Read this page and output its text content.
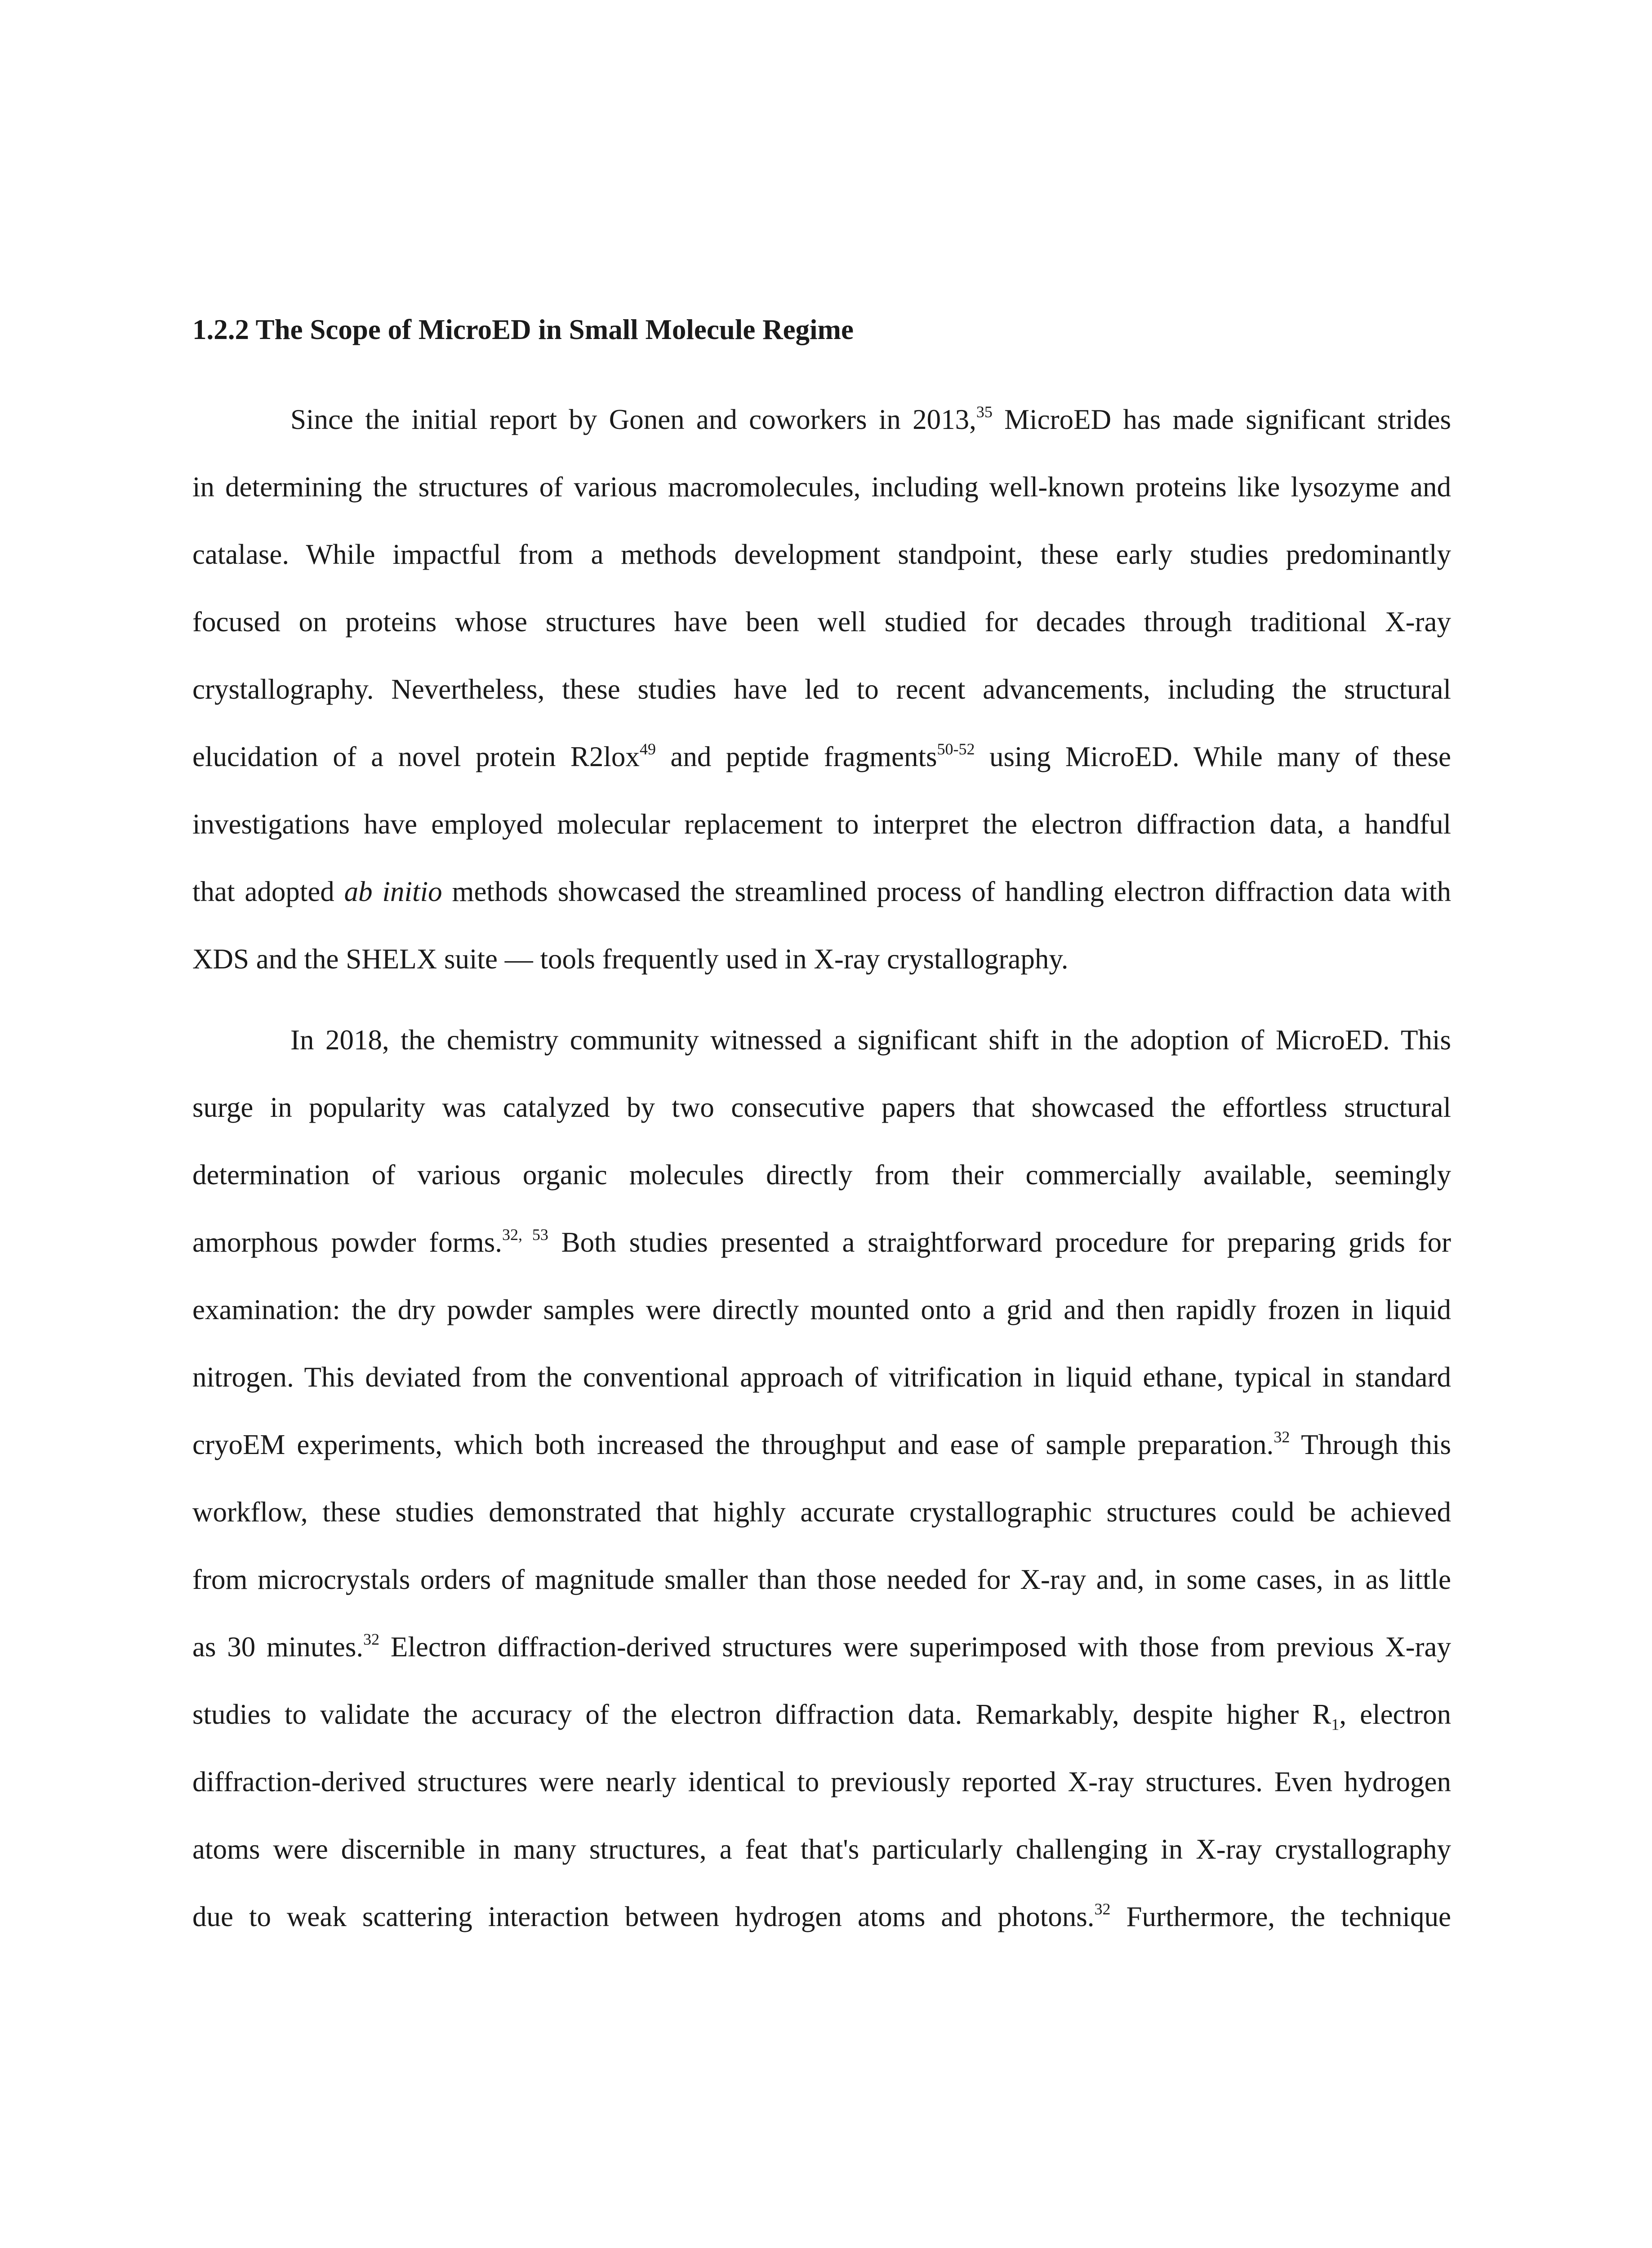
1.2.2 The Scope of MicroED in Small Molecule Regime
Since the initial report by Gonen and coworkers in 2013,35 MicroED has made significant strides
in determining the structures of various macromolecules, including well-known proteins like lysozyme and
catalase. While impactful from a methods development standpoint, these early studies predominantly
focused on proteins whose structures have been well studied for decades through traditional X-ray
crystallography. Nevertheless, these studies have led to recent advancements, including the structural
elucidation of a novel protein R2lox$^{49}$ and peptide fragments$^{50-52}$ using MicroED. While many of these
investigations have employed molecular replacement to interpret the electron diffraction data, a handful
that adopted ab initio methods showcased the streamlined process of handling electron diffraction data with
XDS and the SHELX suite — tools frequently used in X-ray crystallography.
In 2018, the chemistry community witnessed a significant shift in the adoption of MicroED. This
surge in popularity was catalyzed by two consecutive papers that showcased the effortless structural
determination of various organic molecules directly from their commercially available, seemingly
amorphous powder forms.$^{32, 53}$ Both studies presented a straightforward procedure for preparing grids for
examination: the dry powder samples were directly mounted onto a grid and then rapidly frozen in liquid
nitrogen. This deviated from the conventional approach of vitrification in liquid ethane, typical in standard
cryoEM experiments, which both increased the throughput and ease of sample preparation.$^{32}$ Through this
workflow, these studies demonstrated that highly accurate crystallographic structures could be achieved
from microcrystals orders of magnitude smaller than those needed for X-ray and, in some cases, in as little
as 30 minutes.$^{32}$ Electron diffraction-derived structures were superimposed with those from previous X-ray
studies to validate the accuracy of the electron diffraction data. Remarkably, despite higher $R_1$, electron
diffraction-derived structures were nearly identical to previously reported X-ray structures. Even hydrogen
atoms were discernible in many structures, a feat that's particularly challenging in X-ray crystallography
due to weak scattering interaction between hydrogen atoms and photons.$^{32}$ Furthermore, the technique
